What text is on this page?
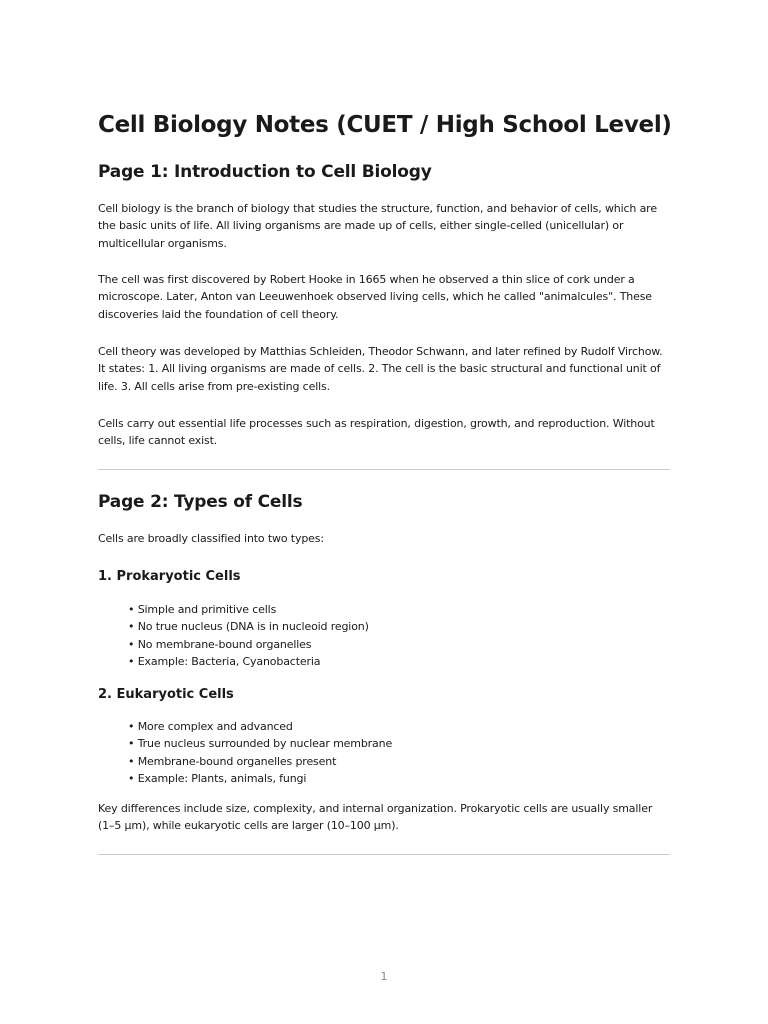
Cell Biology Notes (CUET / High School Level)
Page 1: Introduction to Cell Biology

Cell biology is the branch of biology that studies the structure, function, and behavior of cells, which are the basic units of life. All living organisms are made up of cells, either single-celled (unicellular) or multicellular organisms.

The cell was first discovered by Robert Hooke in 1665 when he observed a thin slice of cork under a microscope. Later, Anton van Leeuwenhoek observed living cells, which he called "animalcules". These discoveries laid the foundation of cell theory.

Cell theory was developed by Matthias Schleiden, Theodor Schwann, and later refined by Rudolf Virchow. It states: 1. All living organisms are made of cells. 2. The cell is the basic structural and functional unit of life. 3. All cells arise from pre-existing cells.

Cells carry out essential life processes such as respiration, digestion, growth, and reproduction. Without cells, life cannot exist.

Page 2: Types of Cells

Cells are broadly classified into two types:

1. Prokaryotic Cells
• Simple and primitive cells
• No true nucleus (DNA is in nucleoid region)
• No membrane-bound organelles
• Example: Bacteria, Cyanobacteria
2. Eukaryotic Cells
• More complex and advanced
• True nucleus surrounded by nuclear membrane
• Membrane-bound organelles present
• Example: Plants, animals, fungi

Key differences include size, complexity, and internal organization. Prokaryotic cells are usually smaller (1–5 μm), while eukaryotic cells are larger (10–100 μm).

1
